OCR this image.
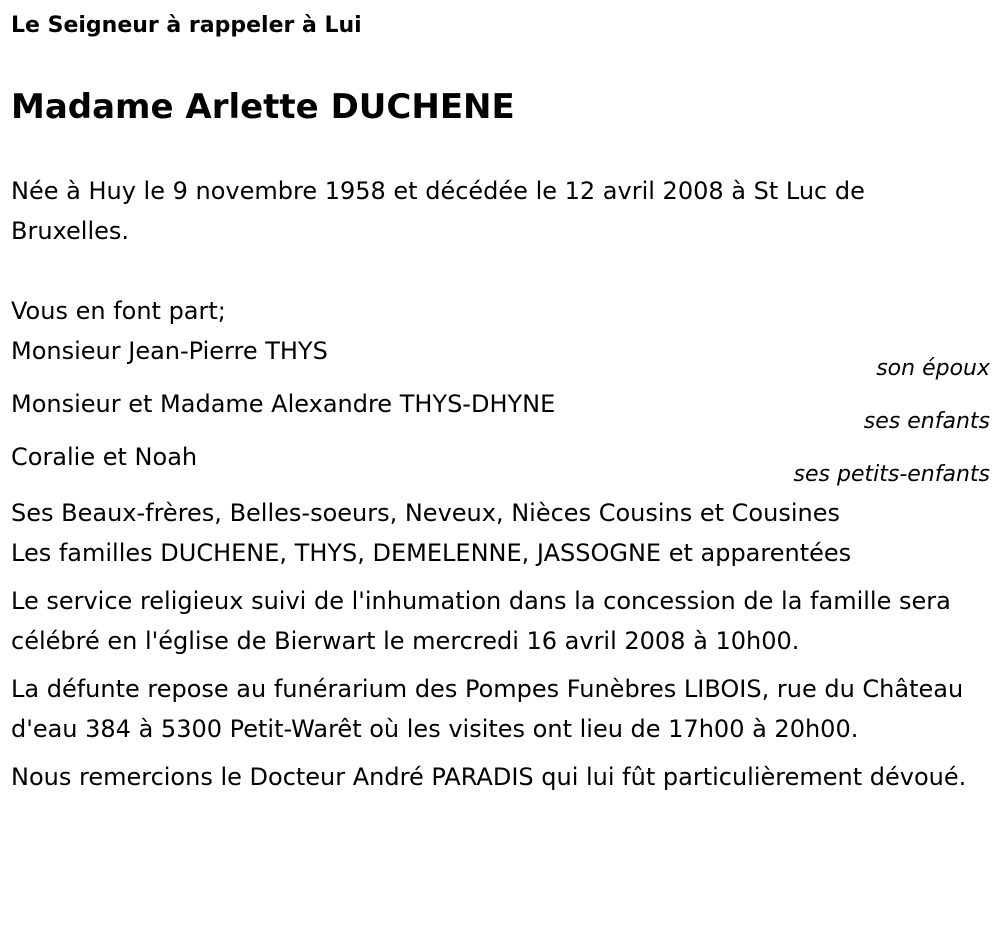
Le Seigneur à rappeler à Lui

Madame Arlette DUCHENE

Née à Huy le 9 novembre 1958 et décédée le 12 avril 2008 à St Luc de Bruxelles.

Vous en font part;

Monsieur Jean-Pierre THYS

son époux

Monsieur et Madame Alexandre THYS-DHYNE

ses enfants

Coralie et Noah

ses petits-enfants

Ses Beaux-frères, Belles-soeurs, Neveux, Nièces Cousins et Cousines

Les familles DUCHENE, THYS, DEMELENNE, JASSOGNE et apparentées

Le service religieux suivi de l'inhumation dans la concession de la famille sera célébré en l'église de Bierwart le mercredi 16 avril 2008 à 10h00.

La défunte repose au funérarium des Pompes Funèbres LIBOIS, rue du Château d'eau 384 à 5300 Petit-Warêt où les visites ont lieu de 17h00 à 20h00.

Nous remercions le Docteur André PARADIS qui lui fût particulièrement dévoué.
